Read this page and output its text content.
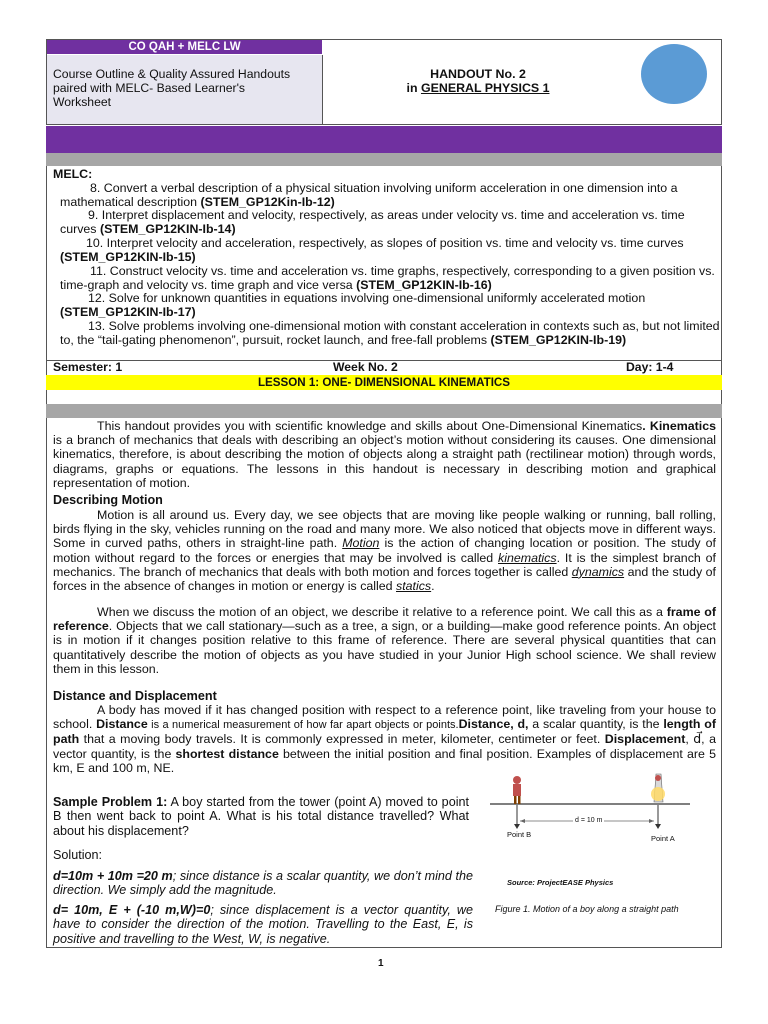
CO QAH + MELC LW
Course Outline & Quality Assured Handouts paired with MELC- Based Learner's Worksheet
HANDOUT No. 2
in GENERAL PHYSICS 1
MELC:
8. Convert a verbal description of a physical situation involving uniform acceleration in one dimension into a mathematical description (STEM_GP12Kin-Ib-12)
9. Interpret displacement and velocity, respectively, as areas under velocity vs. time and acceleration vs. time curves (STEM_GP12KIN-Ib-14)
10. Interpret velocity and acceleration, respectively, as slopes of position vs. time and velocity vs. time curves (STEM_GP12KIN-Ib-15)
11. Construct velocity vs. time and acceleration vs. time graphs, respectively, corresponding to a given position vs. time-graph and velocity vs. time graph and vice versa (STEM_GP12KIN-Ib-16)
12. Solve for unknown quantities in equations involving one-dimensional uniformly accelerated motion (STEM_GP12KIN-Ib-17)
13. Solve problems involving one-dimensional motion with constant acceleration in contexts such as, but not limited to, the “tail-gating phenomenon”, pursuit, rocket launch, and free-fall problems (STEM_GP12KIN-Ib-19)
Semester: 1	Week No. 2	Day: 1-4
LESSON 1: ONE- DIMENSIONAL KINEMATICS
This handout provides you with scientific knowledge and skills about One-Dimensional Kinematics. Kinematics is a branch of mechanics that deals with describing an object’s motion without considering its causes. One dimensional kinematics, therefore, is about describing the motion of objects along a straight path (rectilinear motion) through words, diagrams, graphs or equations. The lessons in this handout is necessary in describing motion and graphical representation of motion.
Describing Motion
Motion is all around us. Every day, we see objects that are moving like people walking or running, ball rolling, birds flying in the sky, vehicles running on the road and many more. We also noticed that objects move in different ways. Some in curved paths, others in straight-line path. Motion is the action of changing location or position. The study of motion without regard to the forces or energies that may be involved is called kinematics. It is the simplest branch of mechanics. The branch of mechanics that deals with both motion and forces together is called dynamics and the study of forces in the absence of changes in motion or energy is called statics.
When we discuss the motion of an object, we describe it relative to a reference point. We call this as a frame of reference. Objects that we call stationary—such as a tree, a sign, or a building—make good reference points. An object is in motion if it changes position relative to this frame of reference. There are several physical quantities that can quantitatively describe the motion of objects as you have studied in your Junior High school science. We shall review them in this lesson.
Distance and Displacement
A body has moved if it has changed position with respect to a reference point, like traveling from your house to school. Distance is a numerical measurement of how far apart objects or points.Distance, d, a scalar quantity, is the length of path that a moving body travels. It is commonly expressed in meter, kilometer, centimeter or feet. Displacement, d⃗, a vector quantity, is the shortest distance between the initial position and final position. Examples of displacement are 5 km, E and 100 m, NE.
Sample Problem 1: A boy started from the tower (point A) moved to point B then went back to point A. What is his total distance travelled? What about his displacement?
Solution:
d=10m + 10m =20 m; since distance is a scalar quantity, we don’t mind the direction. We simply add the magnitude.
d= 10m, E + (-10 m,W)=0; since displacement is a vector quantity, we have to consider the direction of the motion. Travelling to the East, E, is positive and travelling to the West, W, is negative.
Point B	Point A
d = 10 m
Source: ProjectEASE Physics
Figure 1. Motion of a boy along a straight path
1
